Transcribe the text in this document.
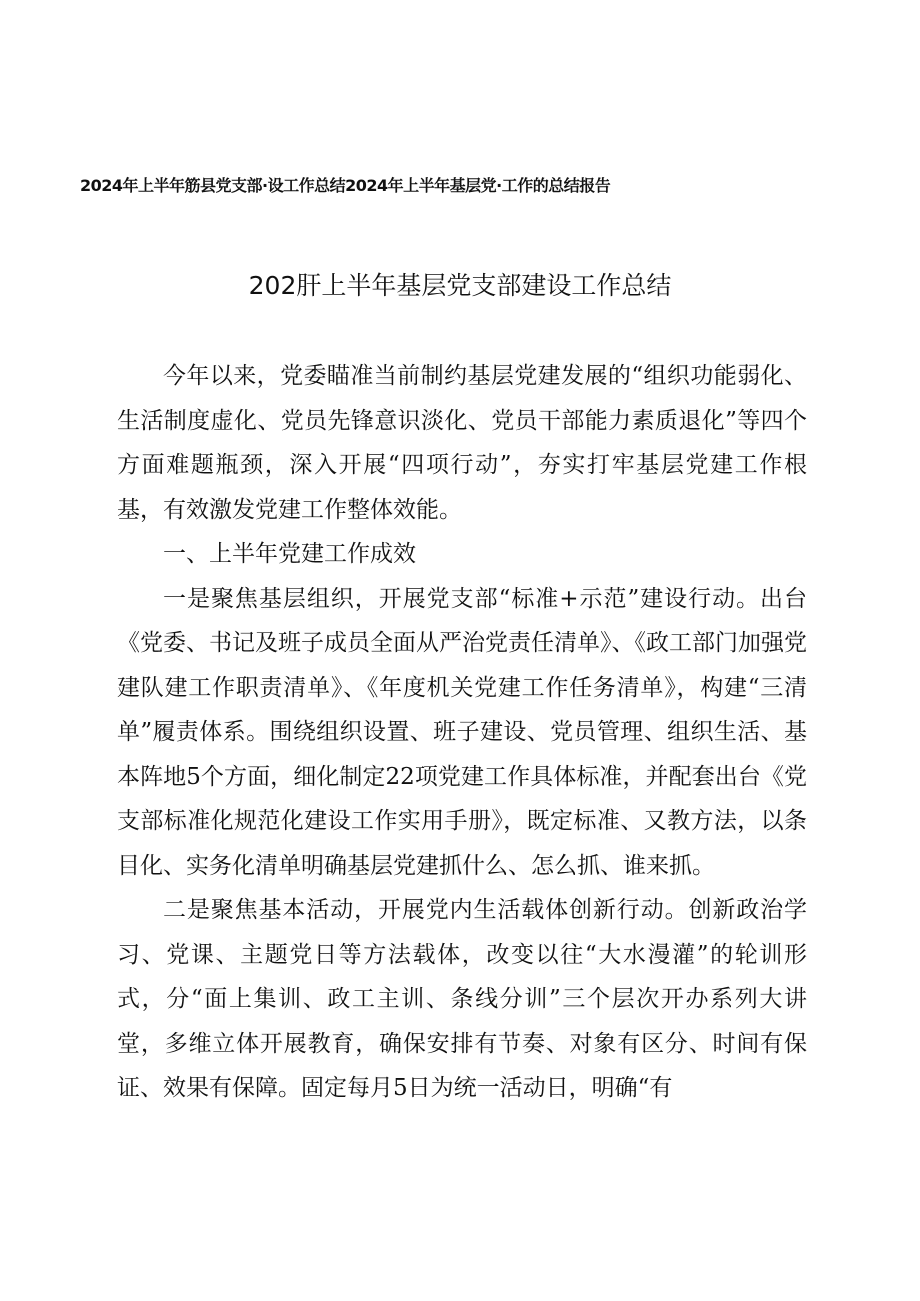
2024年上半年筋县党支部·设工作总结2024年上半年基层党·工作的总结报告
202肝上半年基层党支部建设工作总结

今年以来，党委瞄准当前制约基层党建发展的“组织功能弱化、生活制度虚化、党员先锋意识淡化、党员干部能力素质退化”等四个方面难题瓶颈，深入开展“四项行动”，夯实打牢基层党建工作根基，有效激发党建工作整体效能。

一、上半年党建工作成效

一是聚焦基层组织，开展党支部“标准+示范”建设行动。出台《党委、书记及班子成员全面从严治党责任清单》、《政工部门加强党建队建工作职责清单》、《年度机关党建工作任务清单》，构建“三清单”履责体系。围绕组织设置、班子建设、党员管理、组织生活、基本阵地5个方面，细化制定22项党建工作具体标准，并配套出台《党支部标准化规范化建设工作实用手册》，既定标准、又教方法，以条目化、实务化清单明确基层党建抓什么、怎么抓、谁来抓。

二是聚焦基本活动，开展党内生活载体创新行动。创新政治学习、党课、主题党日等方法载体，改变以往“大水漫灌”的轮训形式，分“面上集训、政工主训、条线分训”三个层次开办系列大讲堂，多维立体开展教育，确保安排有节奏、对象有区分、时间有保证、效果有保障。固定每月5日为统一活动日，明确“有
